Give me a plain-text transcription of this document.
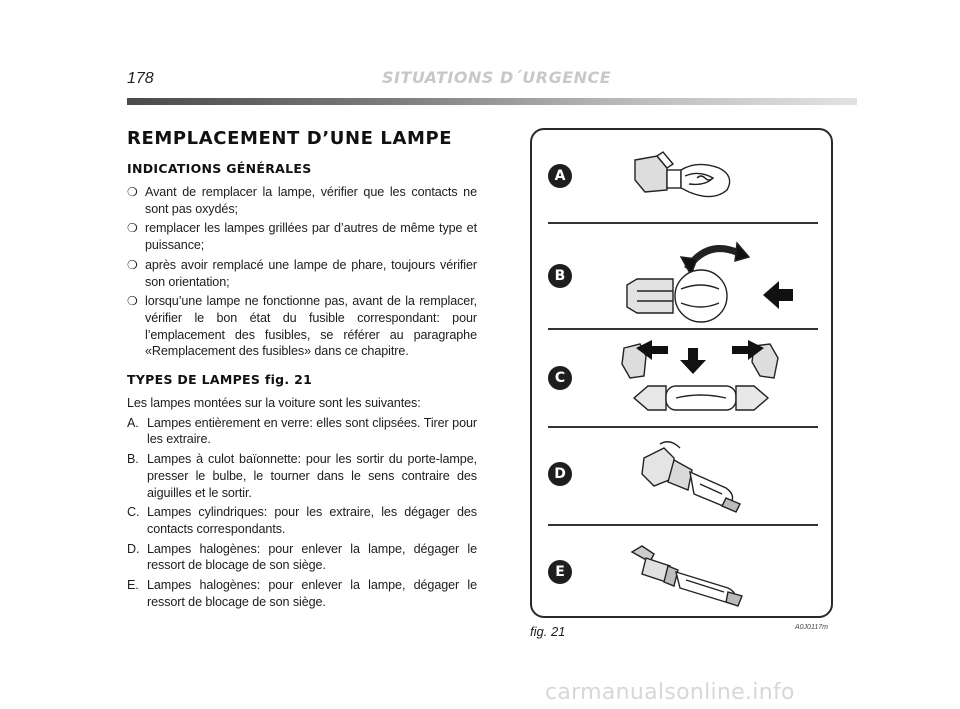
178	SITUATIONS D´URGENCE
REMPLACEMENT D’UNE LAMPE
INDICATIONS GÉNÉRALES
❍ Avant de remplacer la lampe, vérifier que les contacts ne sont pas oxydés;
❍ remplacer les lampes grillées par d’autres de même type et puissance;
❍ après avoir remplacé une lampe de phare, toujours vérifier son orientation;
❍ lorsqu’une lampe ne fonctionne pas, avant de la remplacer, vérifier le bon état du fusible correspondant: pour l’emplacement des fusibles, se référer au paragraphe «Remplacement des fusibles» dans ce chapitre.
TYPES DE LAMPES fig. 21

Les lampes montées sur la voiture sont les suivantes:

A. Lampes entièrement en verre: elles sont clipsées. Tirer pour les extraire.
B. Lampes à culot baïonnette: pour les sortir du porte-lampe, presser le bulbe, le tourner dans le sens contraire des aiguilles et le sortir.
C. Lampes cylindriques: pour les extraire, les dégager des contacts correspondants.
D. Lampes halogènes: pour enlever la lampe, dégager le ressort de blocage de son siège.
E. Lampes halogènes: pour enlever la lampe, dégager le ressort de blocage de son siège.
A
B
C
D
E
fig. 21	A0J0117m
carmanualsonline.info
